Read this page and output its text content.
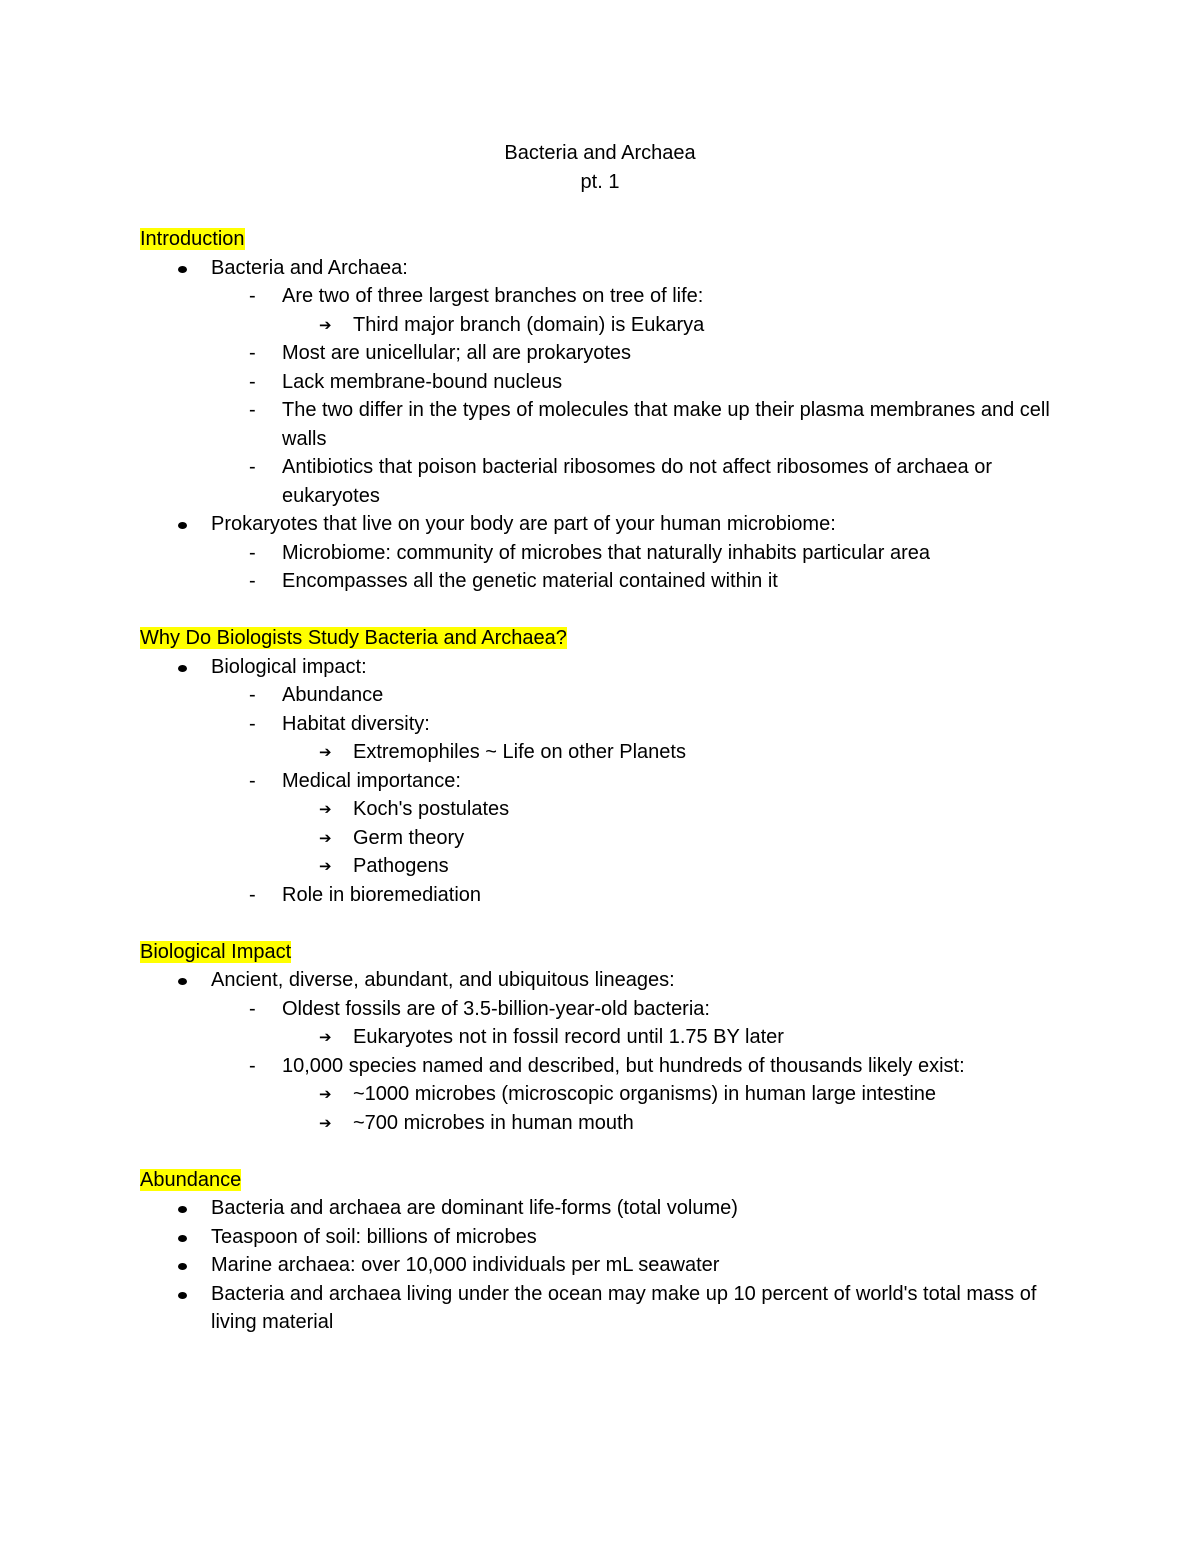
Bacteria and Archaea
pt. 1
Introduction
Bacteria and Archaea:
- Are two of three largest branches on tree of life:
➔ Third major branch (domain) is Eukarya
- Most are unicellular; all are prokaryotes
- Lack membrane-bound nucleus
- The two differ in the types of molecules that make up their plasma membranes and cell walls
- Antibiotics that poison bacterial ribosomes do not affect ribosomes of archaea or eukaryotes
Prokaryotes that live on your body are part of your human microbiome:
- Microbiome: community of microbes that naturally inhabits particular area
- Encompasses all the genetic material contained within it
Why Do Biologists Study Bacteria and Archaea?
Biological impact:
- Abundance
- Habitat diversity:
➔ Extremophiles ~ Life on other Planets
- Medical importance:
➔ Koch's postulates
➔ Germ theory
➔ Pathogens
- Role in bioremediation
Biological Impact
Ancient, diverse, abundant, and ubiquitous lineages:
- Oldest fossils are of 3.5-billion-year-old bacteria:
➔ Eukaryotes not in fossil record until 1.75 BY later
- 10,000 species named and described, but hundreds of thousands likely exist:
➔ ~1000 microbes (microscopic organisms) in human large intestine
➔ ~700 microbes in human mouth
Abundance
Bacteria and archaea are dominant life-forms (total volume)
Teaspoon of soil: billions of microbes
Marine archaea: over 10,000 individuals per mL seawater
Bacteria and archaea living under the ocean may make up 10 percent of world's total mass of living material
